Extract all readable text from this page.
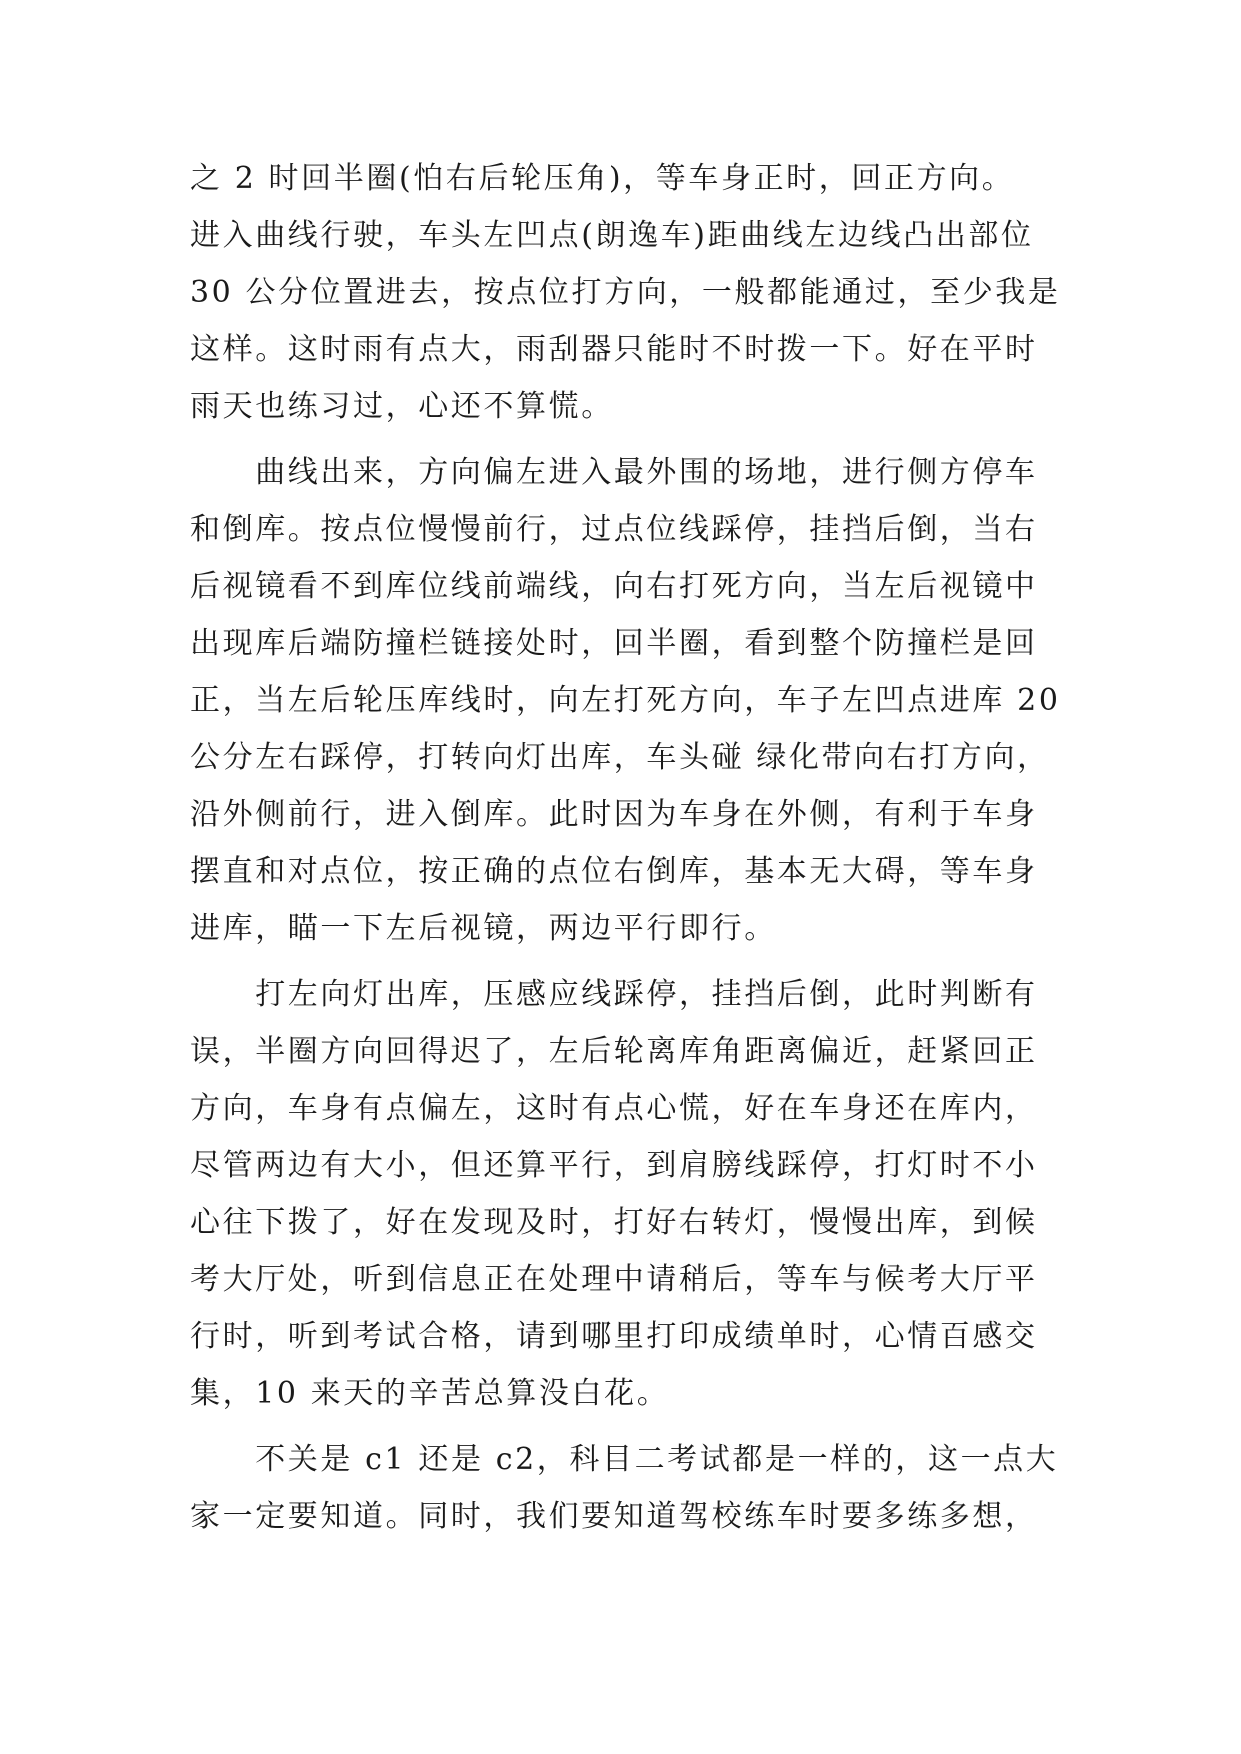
之 2 时回半圈(怕右后轮压角)，等车身正时，回正方向。
进入曲线行驶，车头左凹点(朗逸车)距曲线左边线凸出部位
30 公分位置进去，按点位打方向，一般都能通过，至少我是
这样。这时雨有点大，雨刮器只能时不时拨一下。好在平时
雨天也练习过，心还不算慌。
　　曲线出来，方向偏左进入最外围的场地，进行侧方停车
和倒库。按点位慢慢前行，过点位线踩停，挂挡后倒，当右
后视镜看不到库位线前端线，向右打死方向，当左后视镜中
出现库后端防撞栏链接处时，回半圈，看到整个防撞栏是回
正，当左后轮压库线时，向左打死方向，车子左凹点进库 20
公分左右踩停，打转向灯出库，车头碰 绿化带向右打方向，
沿外侧前行，进入倒库。此时因为车身在外侧，有利于车身
摆直和对点位，按正确的点位右倒库，基本无大碍，等车身
进库，瞄一下左后视镜，两边平行即行。
　　打左向灯出库，压感应线踩停，挂挡后倒，此时判断有
误，半圈方向回得迟了，左后轮离库角距离偏近，赶紧回正
方向，车身有点偏左，这时有点心慌，好在车身还在库内，
尽管两边有大小，但还算平行，到肩膀线踩停，打灯时不小
心往下拨了，好在发现及时，打好右转灯，慢慢出库，到候
考大厅处，听到信息正在处理中请稍后，等车与候考大厅平
行时，听到考试合格，请到哪里打印成绩单时，心情百感交
集，10 来天的辛苦总算没白花。
　　不关是 c1 还是 c2，科目二考试都是一样的，这一点大
家一定要知道。同时，我们要知道驾校练车时要多练多想，
